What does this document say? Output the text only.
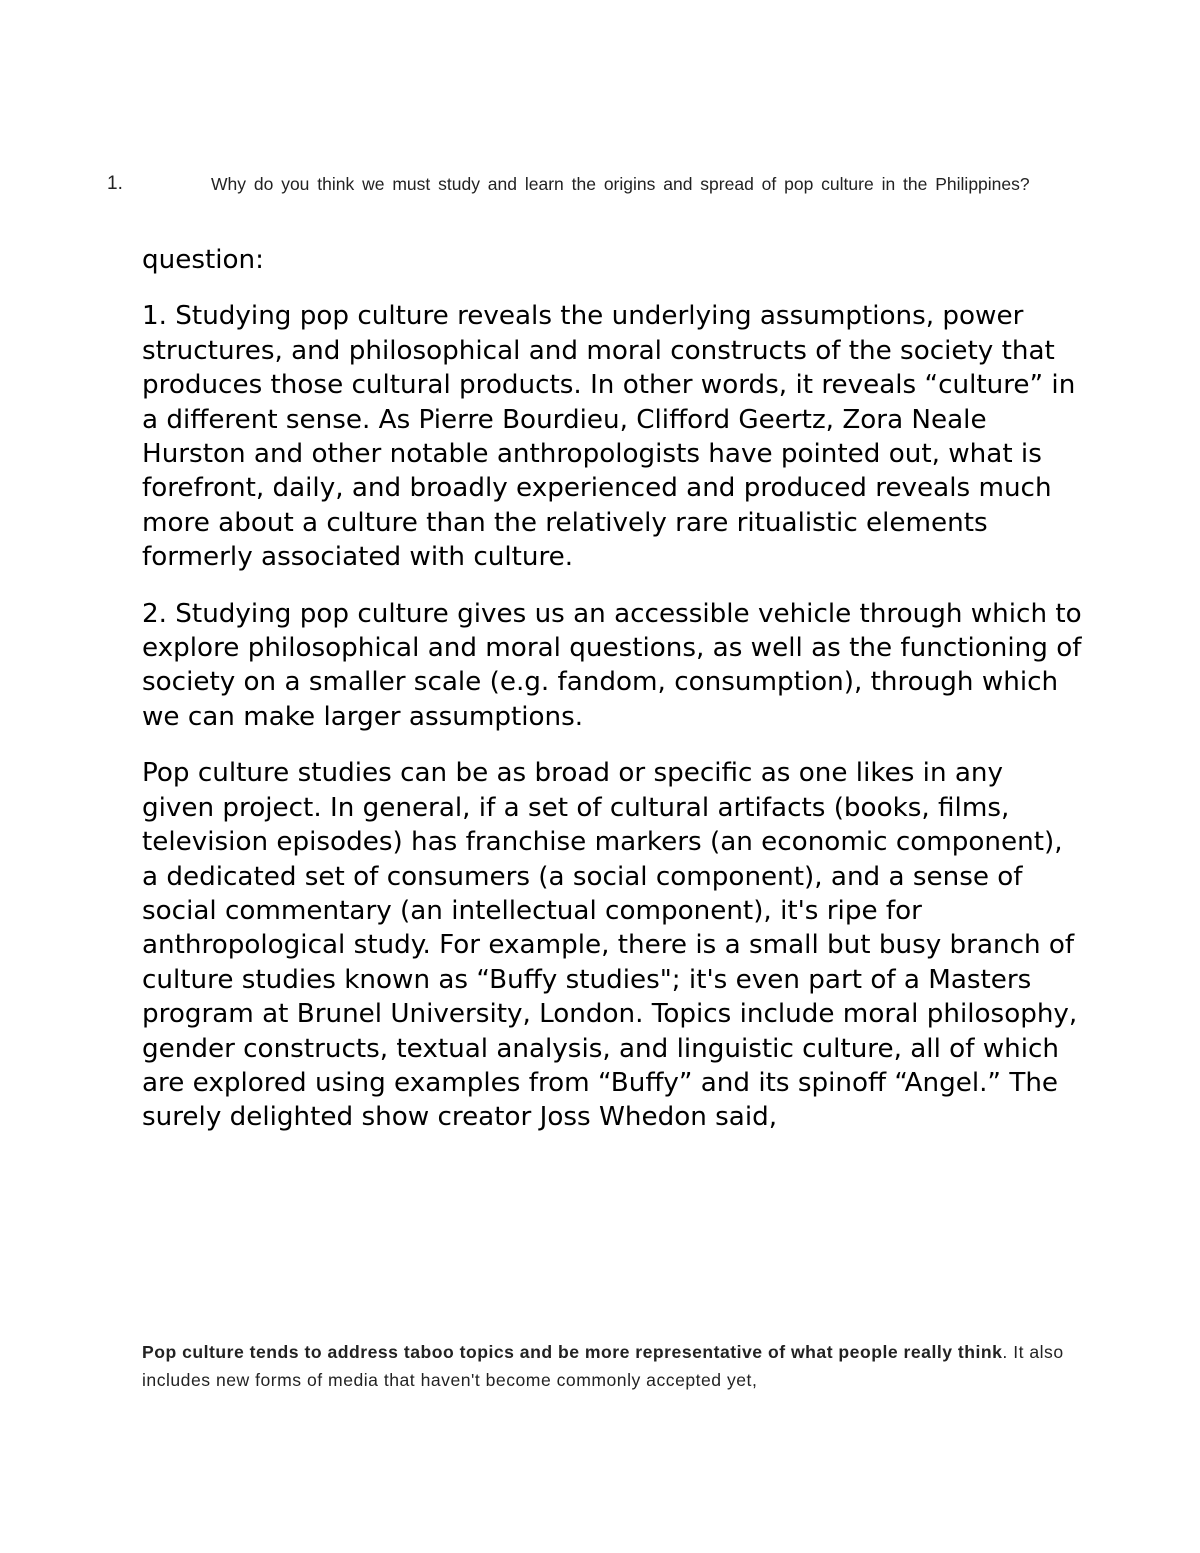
1.	Why do you think we must study and learn the origins and spread of pop culture in the Philippines?

question:

1. Studying pop culture reveals the underlying assumptions, power structures, and philosophical and moral constructs of the society that produces those cultural products. In other words, it reveals “culture” in a different sense. As Pierre Bourdieu, Clifford Geertz, Zora Neale Hurston and other notable anthropologists have pointed out, what is forefront, daily, and broadly experienced and produced reveals much more about a culture than the relatively rare ritualistic elements formerly associated with culture.

2. Studying pop culture gives us an accessible vehicle through which to explore philosophical and moral questions, as well as the functioning of society on a smaller scale (e.g. fandom, consumption), through which we can make larger assumptions.

Pop culture studies can be as broad or specific as one likes in any given project. In general, if a set of cultural artifacts (books, films, television episodes) has franchise markers (an economic component), a dedicated set of consumers (a social component), and a sense of social commentary (an intellectual component), it's ripe for anthropological study. For example, there is a small but busy branch of culture studies known as “Buffy studies"; it's even part of a Masters program at Brunel University, London. Topics include moral philosophy, gender constructs, textual analysis, and linguistic culture, all of which are explored using examples from “Buffy” and its spinoff “Angel.” The surely delighted show creator Joss Whedon said,

Pop culture tends to address taboo topics and be more representative of what people really think. It also includes new forms of media that haven't become commonly accepted yet,
